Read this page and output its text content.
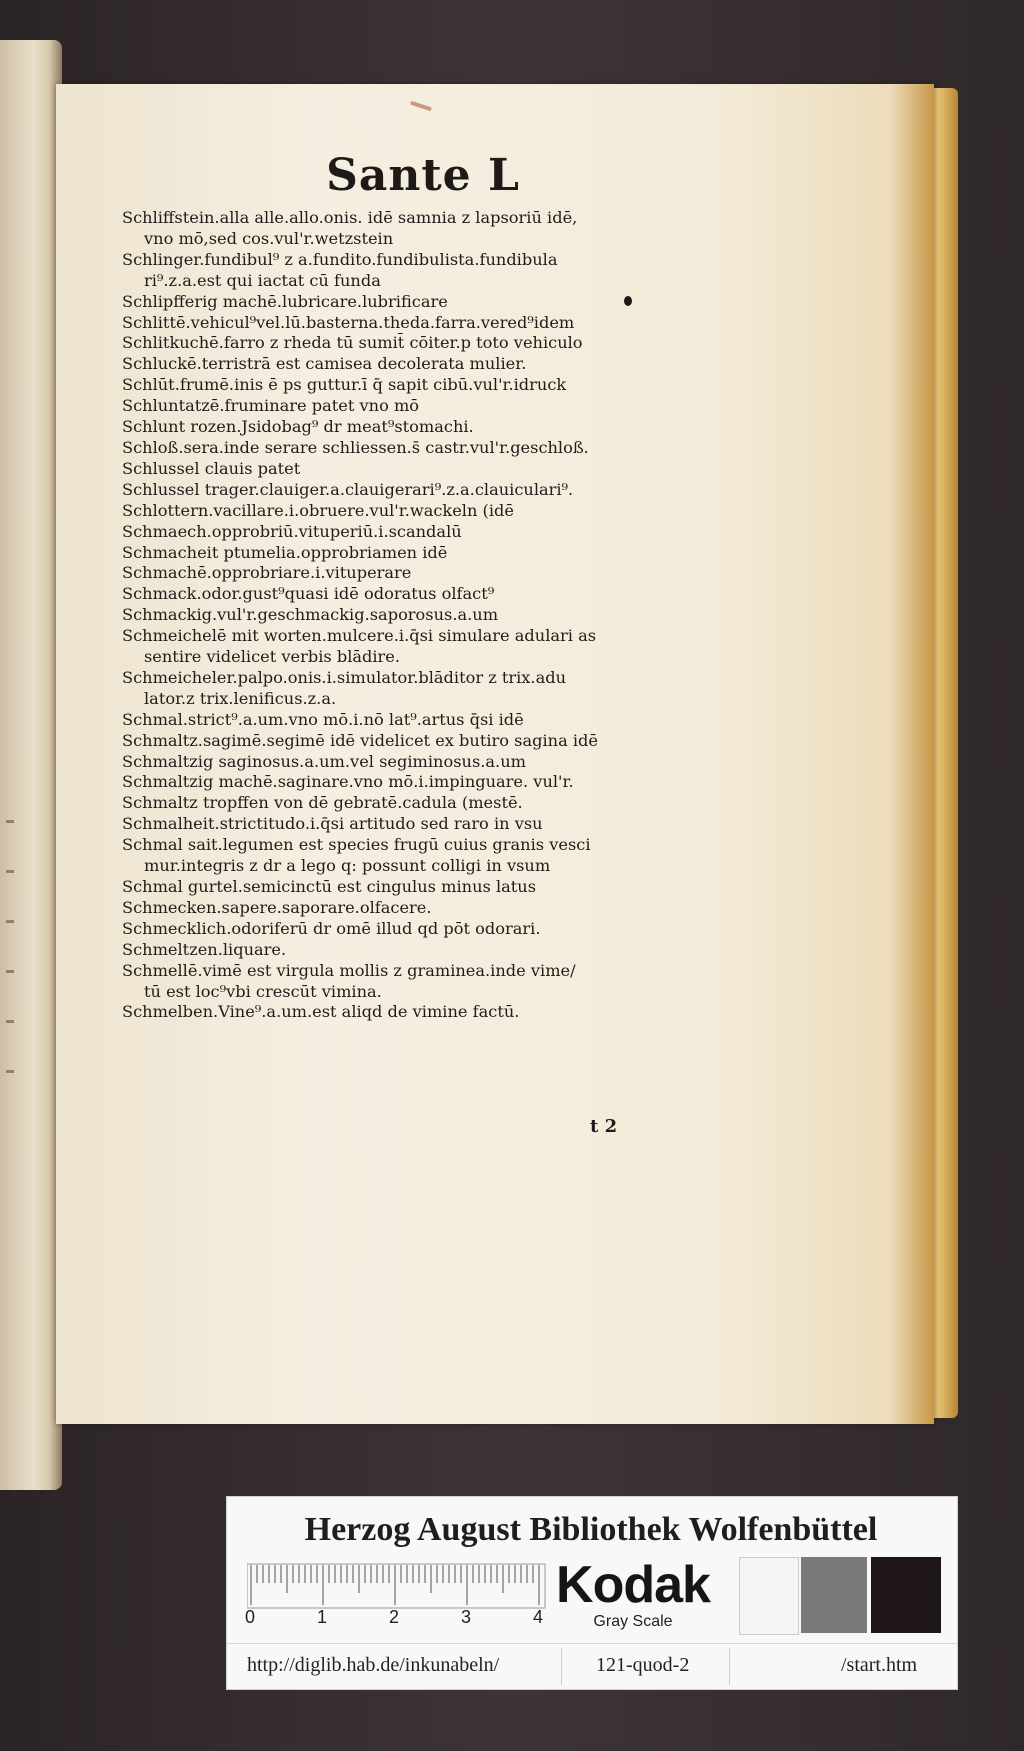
Sante L
Schliffstein.alla alle.allo.onis. idē samnia z lapsoriū idē,
vno mō,sed cos.vul'r.wetzstein
Schlinger.fundibul⁹ z a.fundito.fundibulista.fundibula
ri⁹.z.a.est qui iactat cū funda
Schlipfferig machē.lubricare.lubrificare
Schlittē.vehicul⁹vel.lū.basterna.theda.farra.vered⁹idem
Schlitkuchē.farro z rheda tū sumit̄ cōiter.p toto vehiculo
Schluckē.terristrā est camisea decolerata mulier.
Schlūt.frumē.inis ē ps guttur.ī q̄ sapit cibū.vul'r.idruck
Schluntatzē.fruminare patet vno mō
Schlunt rozen.Jsidobag⁹ dr meat⁹stomachi.
Schloß.sera.inde serare schliessen.s̄ castr.vul'r.geschloß.
Schlussel clauis patet
Schlussel trager.clauiger.a.clauigerari⁹.z.a.clauiculari⁹.
Schlottern.vacillare.i.obruere.vul'r.wackeln (idē
Schmaech.opprobriū.vituperiū.i.scandalū
Schmacheit ptumelia.opprobriamen idē
Schmachē.opprobriare.i.vituperare
Schmack.odor.gust⁹quasi idē odoratus olfact⁹
Schmackig.vul'r.geschmackig.saporosus.a.um
Schmeichelē mit worten.mulcere.i.q̄si simulare adulari as
sentire videlicet verbis blādire.
Schmeicheler.palpo.onis.i.simulator.blāditor z trix.adu
lator.z trix.lenificus.z.a.
Schmal.strict⁹.a.um.vno mō.i.nō lat⁹.artus q̄si idē
Schmaltz.sagimē.segimē idē videlicet ex butiro sagina idē
Schmaltzig saginosus.a.um.vel segiminosus.a.um
Schmaltzig machē.saginare.vno mō.i.impinguare. vul'r.
Schmaltz tropffen von dē gebratē.cadula (mestē.
Schmalheit.strictitudo.i.q̄si artitudo sed raro in vsu
Schmal sait.legumen est species frugū cuius granis vesci
mur.integris z dr a lego q: possunt colligi in vsum
Schmal gurtel.semicinctū est cingulus minus latus
Schmecken.sapere.saporare.olfacere.
Schmecklich.odoriferū dr omē illud qd pōt odorari.
Schmeltzen.liquare.
Schmellē.vimē est virgula mollis z graminea.inde vime/
tū est loc⁹vbi crescūt vimina.
Schmelben.Vine⁹.a.um.est aliqd de vimine factū.
t 2
Herzog August Bibliothek Wolfenbüttel
0	1	2	3	4
Kodak
Gray Scale
http://diglib.hab.de/inkunabeln/	121-quod-2	/start.htm
